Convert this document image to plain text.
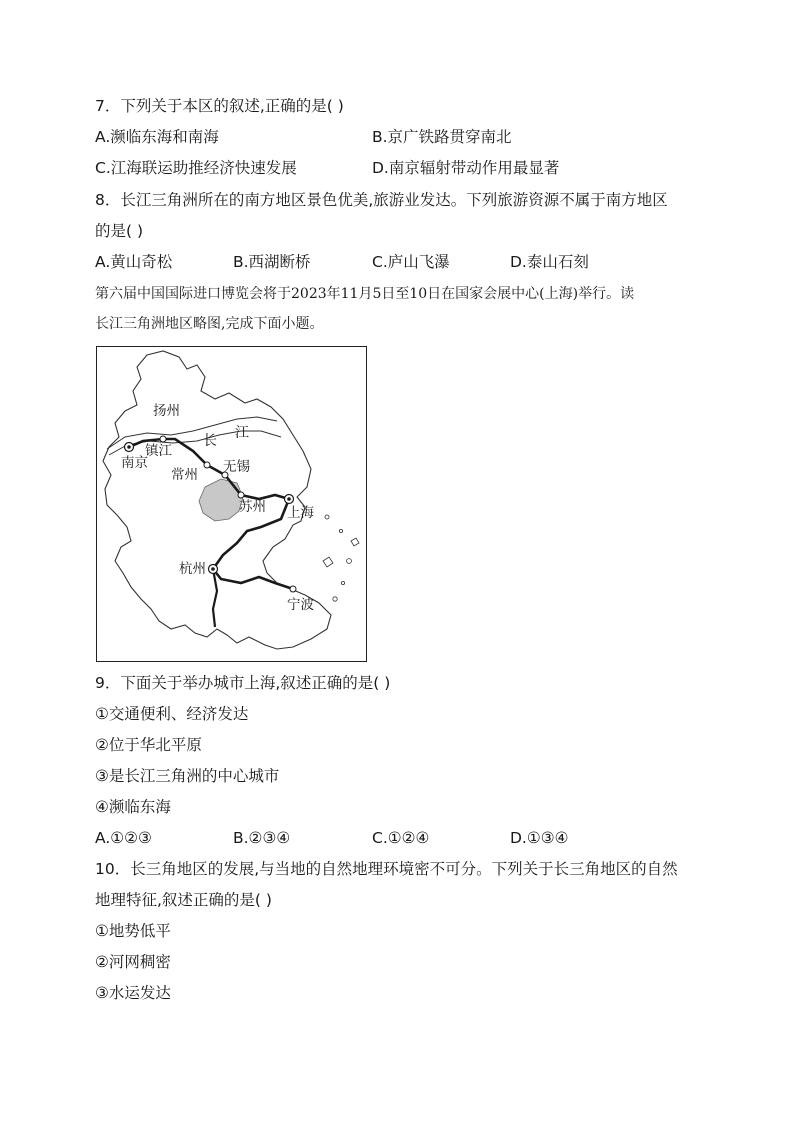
7．下列关于本区的叙述,正确的是( )
A.濒临东海和南海	B.京广铁路贯穿南北
C.江海联运助推经济快速发展	D.南京辐射带动作用最显著
8．长江三角洲所在的南方地区景色优美,旅游业发达。下列旅游资源不属于南方地区
的是( )
A.黄山奇松	B.西湖断桥	C.庐山飞瀑	D.泰山石刻
第六届中国国际进口博览会将于2023年11月5日至10日在国家会展中心(上海)举行。读
长江三角洲地区略图,完成下面小题。
扬州
镇江
南京
常州 无锡
苏州 上海
杭州
宁波
长 江
9．下面关于举办城市上海,叙述正确的是( )
①交通便利、经济发达
②位于华北平原
③是长江三角洲的中心城市
④濒临东海
A.①②③	B.②③④	C.①②④	D.①③④
10．长三角地区的发展,与当地的自然地理环境密不可分。下列关于长三角地区的自然
地理特征,叙述正确的是( )
①地势低平
②河网稠密
③水运发达
